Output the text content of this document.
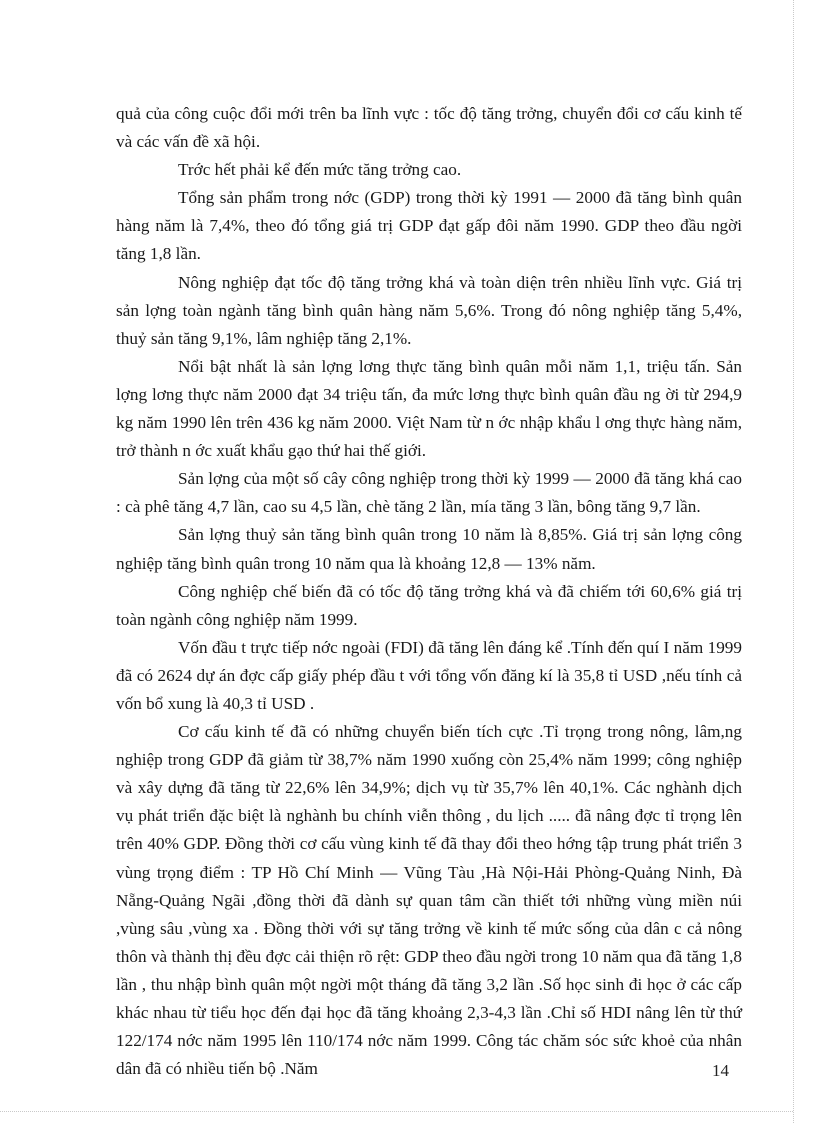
quả của công cuộc đổi mới trên ba lĩnh vực : tốc độ tăng trởng, chuyển đổi cơ cấu kinh tế và các vấn đề xã hội.

Trớc hết phải kể đến mức tăng trởng cao.

Tổng sản phẩm trong nớc (GDP) trong thời kỳ 1991 — 2000 đã tăng bình quân hàng năm là 7,4%, theo đó tổng giá trị GDP đạt gấp đôi năm 1990. GDP theo đầu ngời tăng 1,8 lần.

Nông nghiệp đạt tốc độ tăng trởng khá và toàn diện trên nhiều lĩnh vực. Giá trị sản lợng toàn ngành tăng bình quân hàng năm 5,6%. Trong đó nông nghiệp tăng 5,4%, thuỷ sản tăng 9,1%, lâm nghiệp tăng 2,1%.

Nổi bật nhất là sản lợng lơng thực tăng bình quân mỗi năm 1,1, triệu tấn. Sản lợng lơng thực năm 2000 đạt 34 triệu tấn, đa mức lơng thực bình quân đầu ng ời từ 294,9 kg năm 1990 lên trên 436 kg năm 2000. Việt Nam từ n ớc nhập khẩu l ơng thực hàng năm, trở thành n ớc xuất khẩu gạo thứ hai thế giới.

Sản lợng của một số cây công nghiệp trong thời kỳ 1999 — 2000 đã tăng khá cao : cà phê tăng 4,7 lần, cao su 4,5 lần, chè tăng 2 lần, mía tăng 3 lần, bông tăng 9,7 lần.

Sản lợng thuỷ sản tăng bình quân trong 10 năm là 8,85%. Giá trị sản lợng công nghiệp tăng bình quân trong 10 năm qua là khoảng 12,8 — 13% năm.

Công nghiệp chế biến đã có tốc độ tăng trởng khá và đã chiếm tới 60,6% giá trị toàn ngành công nghiệp năm 1999.

Vốn đầu t trực tiếp nớc ngoài (FDI) đã tăng lên đáng kể .Tính đến quí I năm 1999 đã có 2624 dự án đợc cấp giấy phép đầu t với tổng vốn đăng kí là 35,8 tỉ USD ,nếu tính cả vốn bổ xung là 40,3 tỉ USD .

Cơ cấu kinh tế đã có những chuyển biến tích cực .Tỉ trọng trong nông, lâm,ng nghiệp trong GDP đã giảm từ 38,7% năm 1990 xuống còn 25,4% năm 1999; công nghiệp và xây dựng đã tăng từ 22,6% lên 34,9%; dịch vụ từ 35,7% lên 40,1%. Các nghành dịch vụ phát triển đặc biệt là nghành bu chính viễn thông , du lịch ..... đã nâng đợc tỉ trọng lên trên 40% GDP. Đồng thời cơ cấu vùng kinh tế đã thay đổi theo hớng tập trung phát triển 3 vùng trọng điểm : TP Hồ Chí Minh — Vũng Tàu ,Hà Nội-Hải Phòng-Quảng Ninh, Đà Nẵng-Quảng Ngãi ,đồng thời đã dành sự quan tâm cần thiết tới những vùng miền núi ,vùng sâu ,vùng xa . Đồng thời với sự tăng trởng về kinh tế mức sống của dân c cả nông thôn và thành thị đều đợc cải thiện rõ rệt: GDP theo đầu ngời trong 10 năm qua đã tăng 1,8 lần , thu nhập bình quân một ngời một tháng đã tăng 3,2 lần .Số học sinh đi học ở các cấp khác nhau từ tiểu học đến đại học đã tăng khoảng 2,3-4,3 lần .Chỉ số HDI nâng lên từ thứ 122/174 nớc năm 1995 lên 110/174 nớc năm 1999. Công tác chăm sóc sức khoẻ của nhân dân đã có nhiều tiến bộ .Năm	14
